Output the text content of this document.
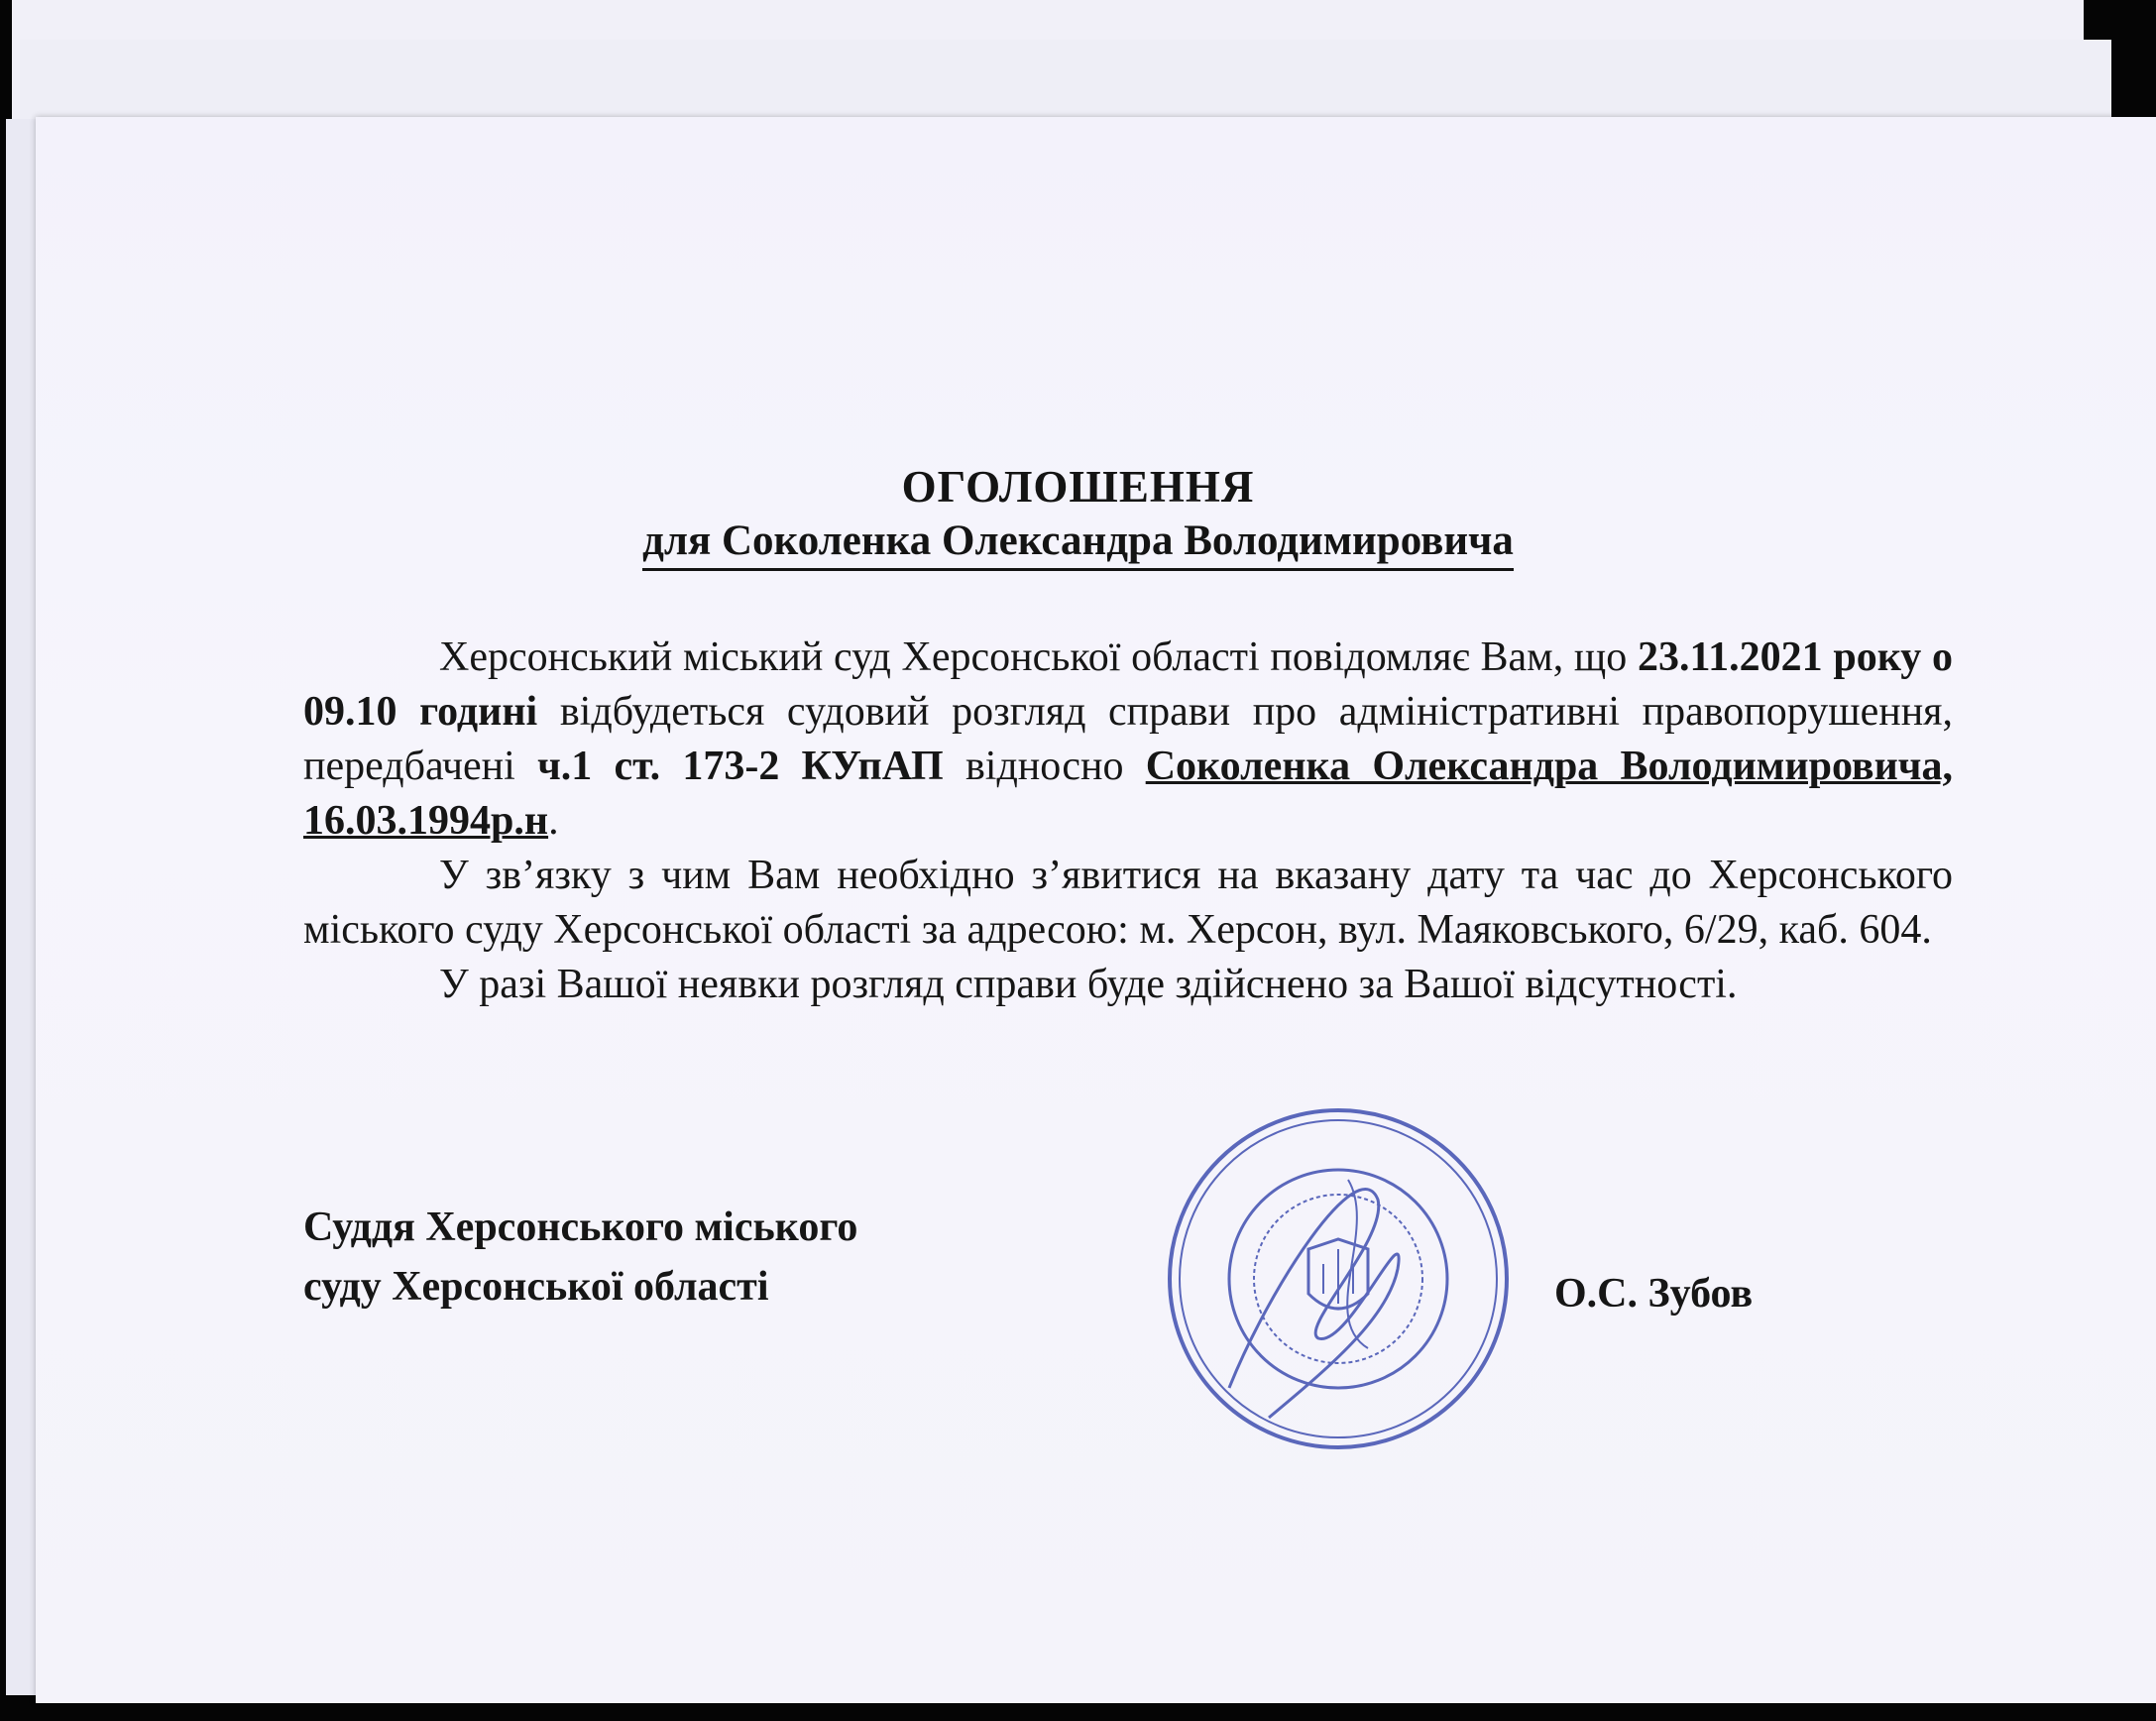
ОГОЛОШЕННЯ
для Соколенка Олександра Володимировича

Херсонський міський суд Херсонської області повідомляє Вам, що 23.11.2021 року о 09.10 годині відбудеться судовий розгляд справи про адміністративні правопорушення, передбачені ч.1 ст. 173-2 КУпАП відносно Соколенка Олександра Володимировича, 16.03.1994р.н.

У зв’язку з чим Вам необхідно з’явитися на вказану дату та час до Херсонського міського суду Херсонської області за адресою: м. Херсон, вул. Маяковського, 6/29, каб. 604.

У разі Вашої неявки розгляд справи буде здійснено за Вашої відсутності.

Суддя Херсонського міського
суду Херсонської області	О.С. Зубов
